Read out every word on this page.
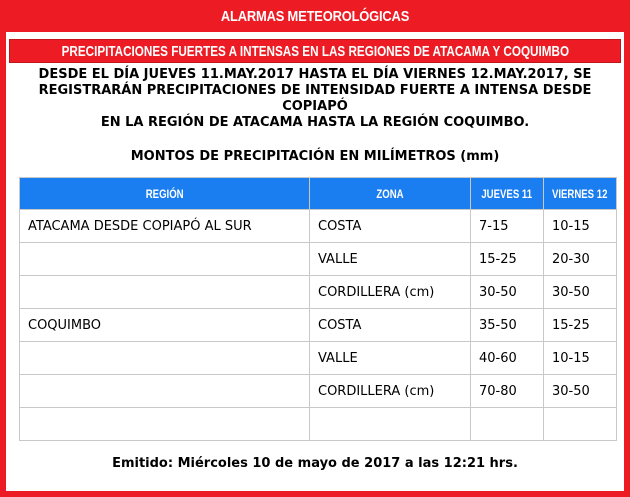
ALARMAS METEOROLÓGICAS
PRECIPITACIONES FUERTES A INTENSAS EN LAS REGIONES DE ATACAMA Y COQUIMBO
DESDE EL DÍA JUEVES 11.MAY.2017 HASTA EL DÍA VIERNES 12.MAY.2017, SE
REGISTRARÁN PRECIPITACIONES DE INTENSIDAD FUERTE A INTENSA DESDE COPIAPÓ
EN LA REGIÓN DE ATACAMA HASTA LA REGIÓN COQUIMBO.
MONTOS DE PRECIPITACIÓN EN MILÍMETROS (mm)
REGIÓN	ZONA	JUEVES 11	VIERNES 12
ATACAMA DESDE COPIAPÓ AL SUR	COSTA	7-15	10-15
	VALLE	15-25	20-30
	CORDILLERA (cm)	30-50	30-50
COQUIMBO	COSTA	35-50	15-25
	VALLE	40-60	10-15
	CORDILLERA (cm)	70-80	30-50

Emitido: Miércoles 10 de mayo de 2017 a las 12:21 hrs.
